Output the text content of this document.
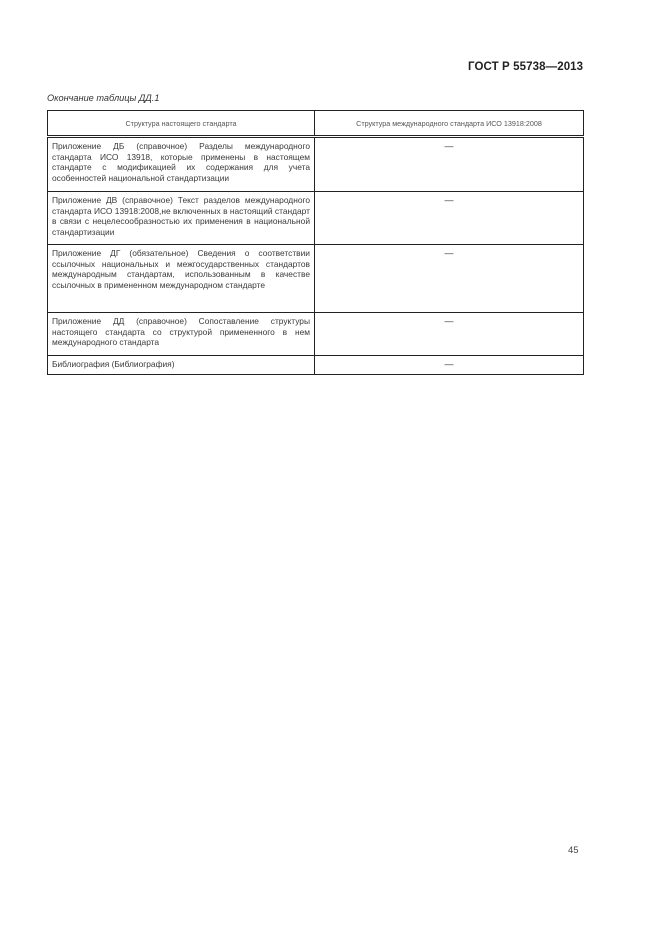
ГОСТ Р 55738—2013
Окончание таблицы ДД.1
Структура настоящего стандарта	Структура международного стандарта ИСО 13918:2008

Приложение ДБ (справочное) Разделы международного стандарта ИСО 13918, которые применены в настоящем стандарте с модификацией их содержания для учета особенностей национальной стандартизации	—

Приложение ДВ (справочное) Текст разделов международного стандарта ИСО 13918:2008,не включенных в настоящий стандарт в связи с нецелесообразностью их применения в национальной стандартизации	—

Приложение ДГ (обязательное) Сведения о соответствии ссылочных национальных и межгосударственных стандартов международным стандартам, использованным в качестве ссылочных в примененном международном стандарте	—

Приложение ДД (справочное) Сопоставление структуры настоящего стандарта со структурой примененного в нем международного стандарта	—

Библиография (Библиография)	—
45
